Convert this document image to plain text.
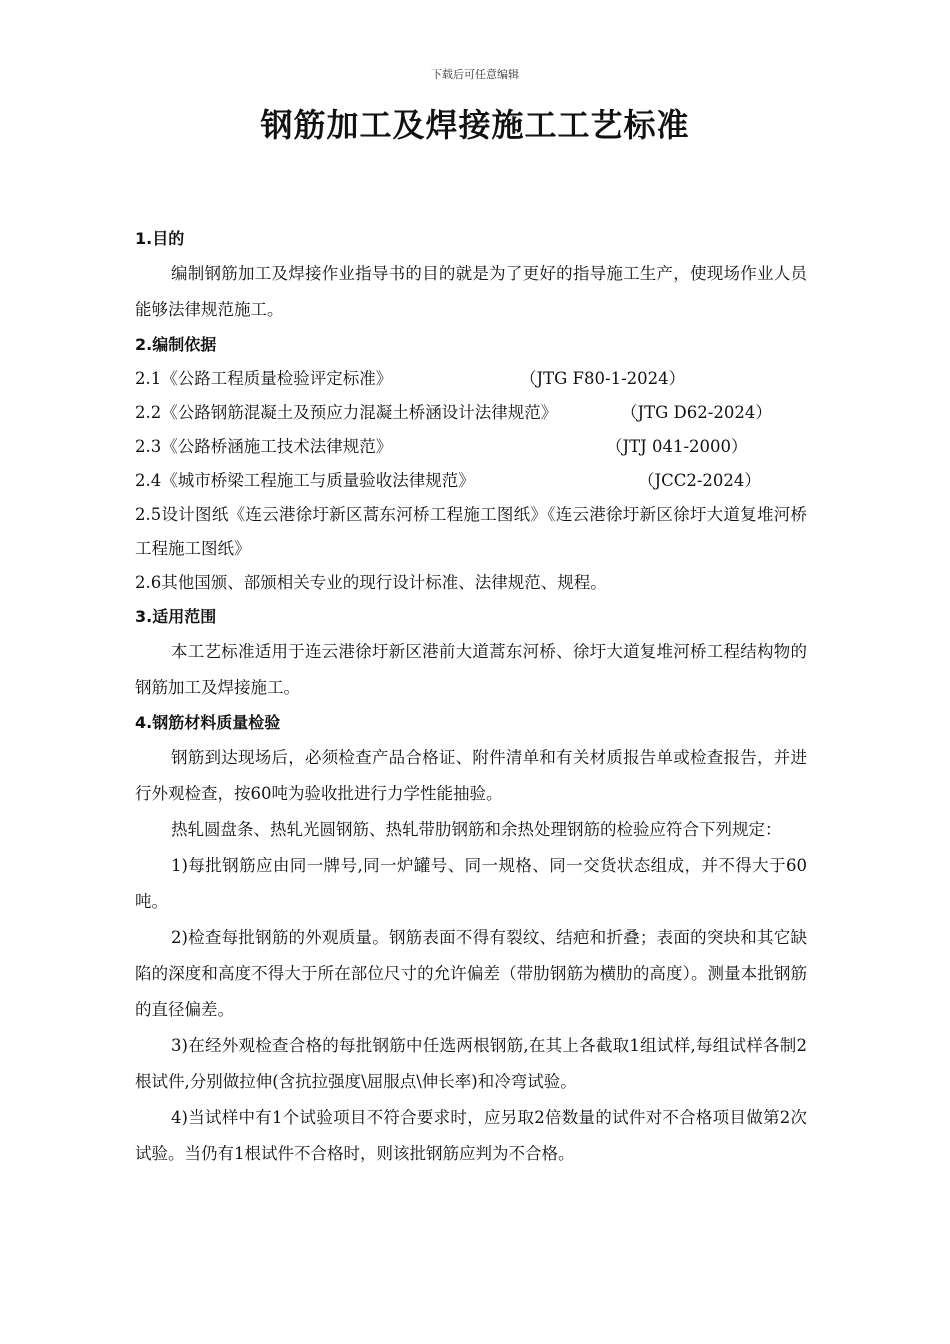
下载后可任意编辑
钢筋加工及焊接施工工艺标准
1.目的

编制钢筋加工及焊接作业指导书的目的就是为了更好的指导施工生产，使现场作业人员能够法律规范施工。

2.编制依据
2.1《公路工程质量检验评定标准》	（JTG F80-1-2024）
2.2《公路钢筋混凝土及预应力混凝土桥涵设计法律规范》	（JTG D62-2024）
2.3《公路桥涵施工技术法律规范》	（JTJ 041-2000）
2.4《城市桥梁工程施工与质量验收法律规范》	（JCC2-2024）

2.5设计图纸《连云港徐圩新区蒿东河桥工程施工图纸》《连云港徐圩新区徐圩大道复堆河桥工程施工图纸》

2.6其他国颁、部颁相关专业的现行设计标准、法律规范、规程。

3.适用范围

本工艺标准适用于连云港徐圩新区港前大道蒿东河桥、徐圩大道复堆河桥工程结构物的钢筋加工及焊接施工。

4.钢筋材料质量检验

钢筋到达现场后，必须检查产品合格证、附件清单和有关材质报告单或检查报告，并进行外观检查，按60吨为验收批进行力学性能抽验。

热轧圆盘条、热轧光圆钢筋、热轧带肋钢筋和余热处理钢筋的检验应符合下列规定：

1)每批钢筋应由同一牌号,同一炉罐号、同一规格、同一交货状态组成，并不得大于60吨。

2)检查每批钢筋的外观质量。钢筋表面不得有裂纹、结疤和折叠；表面的突块和其它缺陷的深度和高度不得大于所在部位尺寸的允许偏差（带肋钢筋为横肋的高度）。测量本批钢筋的直径偏差。

3)在经外观检查合格的每批钢筋中任选两根钢筋,在其上各截取1组试样,每组试样各制2根试件,分别做拉伸(含抗拉强度\屈服点\伸长率)和冷弯试验。

4)当试样中有1个试验项目不符合要求时，应另取2倍数量的试件对不合格项目做第2次试验。当仍有1根试件不合格时，则该批钢筋应判为不合格。
